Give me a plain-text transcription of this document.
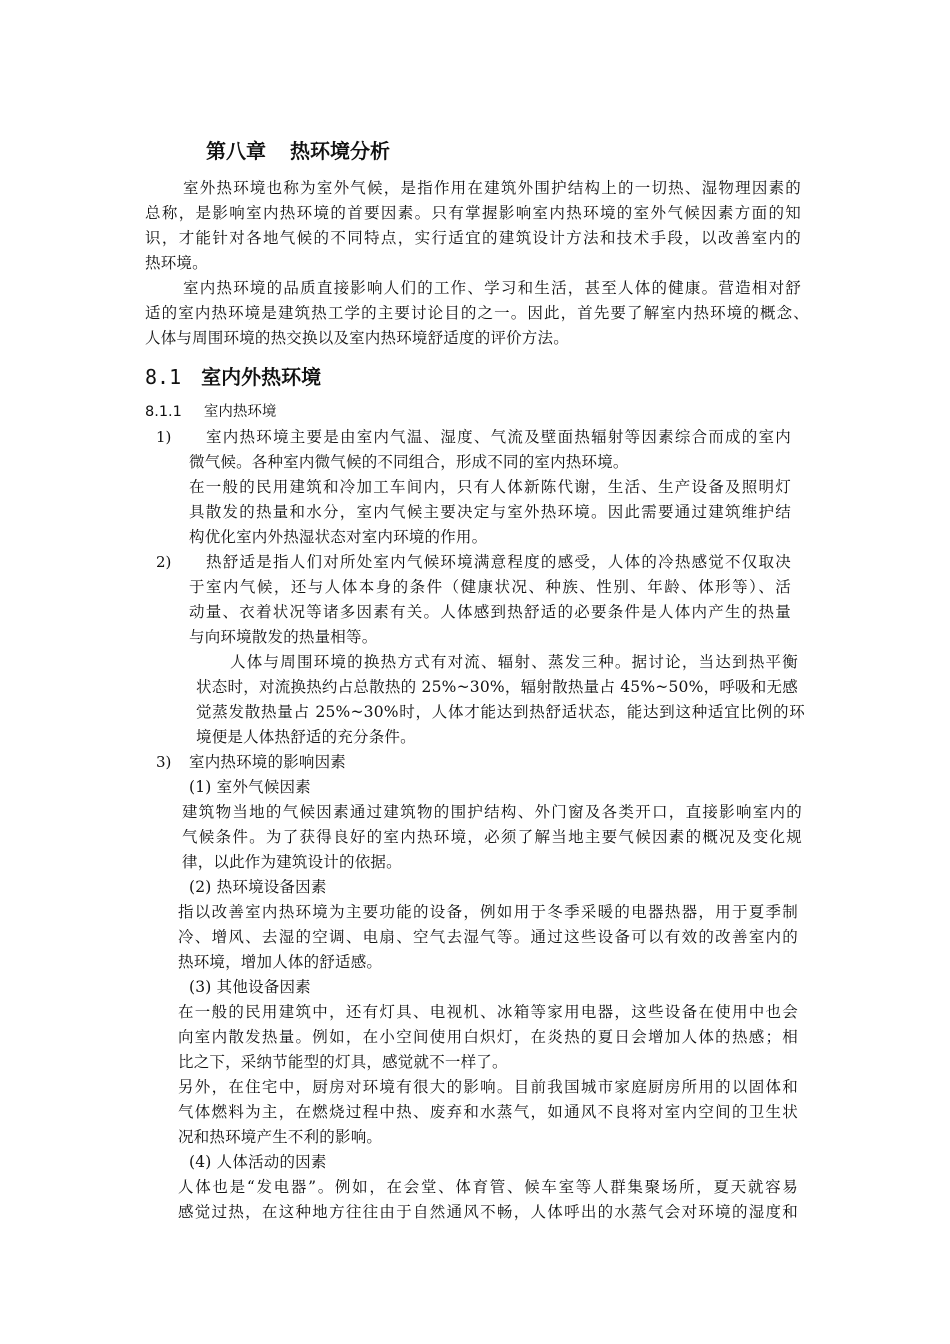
第八章 热环境分析
室外热环境也称为室外气候，是指作用在建筑外围护结构上的一切热、湿物理因素的
总称，是影响室内热环境的首要因素。只有掌握影响室内热环境的室外气候因素方面的知
识，才能针对各地气候的不同特点，实行适宜的建筑设计方法和技术手段，以改善室内的
热环境。
室内热环境的品质直接影响人们的工作、学习和生活，甚至人体的健康。营造相对舒
适的室内热环境是建筑热工学的主要讨论目的之一。因此，首先要了解室内热环境的概念、
人体与周围环境的热交换以及室内热环境舒适度的评价方法。
8.1 室内外热环境
8.1.1 室内热环境
1) 室内热环境主要是由室内气温、湿度、气流及壁面热辐射等因素综合而成的室内
微气候。各种室内微气候的不同组合，形成不同的室内热环境。
在一般的民用建筑和冷加工车间内，只有人体新陈代谢，生活、生产设备及照明灯
具散发的热量和水分，室内气候主要决定与室外热环境。因此需要通过建筑维护结
构优化室内外热湿状态对室内环境的作用。
2) 热舒适是指人们对所处室内气候环境满意程度的感受，人体的冷热感觉不仅取决
于室内气候，还与人体本身的条件（健康状况、种族、性别、年龄、体形等）、活
动量、衣着状况等诸多因素有关。人体感到热舒适的必要条件是人体内产生的热量
与向环境散发的热量相等。
人体与周围环境的换热方式有对流、辐射、蒸发三种。据讨论，当达到热平衡
状态时，对流换热约占总散热的 25%~30%，辐射散热量占 45%~50%，呼吸和无感
觉蒸发散热量占 25%~30%时，人体才能达到热舒适状态，能达到这种适宜比例的环
境便是人体热舒适的充分条件。
3) 室内热环境的影响因素
(1) 室外气候因素
建筑物当地的气候因素通过建筑物的围护结构、外门窗及各类开口，直接影响室内的
气候条件。为了获得良好的室内热环境，必须了解当地主要气候因素的概况及变化规
律，以此作为建筑设计的依据。
(2) 热环境设备因素
指以改善室内热环境为主要功能的设备，例如用于冬季采暖的电器热器，用于夏季制
冷、增风、去湿的空调、电扇、空气去湿气等。通过这些设备可以有效的改善室内的
热环境，增加人体的舒适感。
(3) 其他设备因素
在一般的民用建筑中，还有灯具、电视机、冰箱等家用电器，这些设备在使用中也会
向室内散发热量。例如，在小空间使用白炽灯，在炎热的夏日会增加人体的热感；相
比之下，采纳节能型的灯具，感觉就不一样了。
另外，在住宅中，厨房对环境有很大的影响。目前我国城市家庭厨房所用的以固体和
气体燃料为主，在燃烧过程中热、废弃和水蒸气，如通风不良将对室内空间的卫生状
况和热环境产生不利的影响。
(4) 人体活动的因素
人体也是“发电器”。例如，在会堂、体育管、候车室等人群集聚场所，夏天就容易
感觉过热，在这种地方往往由于自然通风不畅，人体呼出的水蒸气会对环境的湿度和
